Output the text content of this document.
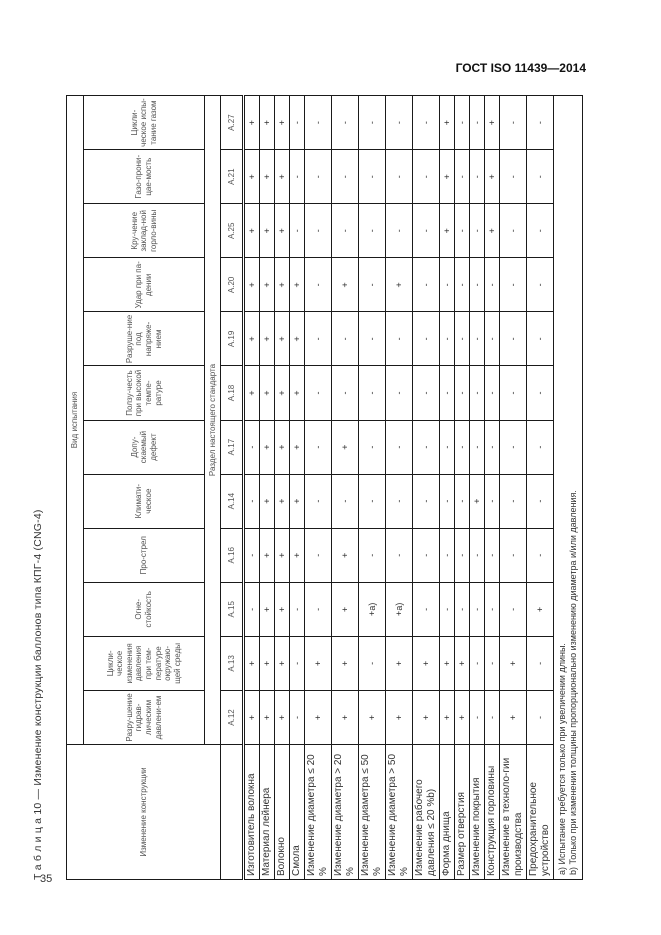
ГОСТ ISO 11439—2014
Т а б л и ц а 10 — Изменение конструкции баллонов типа КПГ-4 (CNG-4)	Изменение конструкции	Вид испытания											
	Разру-шение гидрав-лическим давлени-ем	Цикли-ческое изменения давления при тем-пературе окружаю-щей среды	Огне-стойкость	Про-стрел	Климати-ческое	Допу-скаемый дефект	Ползу-честь при высокой темпе-ратуре	Разруше-ние под напряже-нием	Удар при па-дении	Кру-чение заклад-ной горло-вины	Газо-прони-цае-мость	Цикли-ческое испы-тание газом
	Раздел настоящего стандарта											
	А.12	А.13	А.15	А.16	А.14	А.17	А.18	А.19	А.20	А.25	А.21	А.27
Изготовитель волокна	+	+	-	-	-	-	+	+	+	+	+	+
Материал лейнера	+	+	+	+	+	+	+	+	+	+	+	+
Волокно	+	+	+	+	+	+	+	+	+	+	+	+
Смола	-	-	-	+	+	+	+	+	+	-	-	-
Изменение диаметра ≤ 20 %	+	+	-	-	-	-	-	-	-	-	-	-
Изменение диаметра > 20 %	+	+	+	+	-	+	-	-	+	-	-	-
Изменение диаметра ≤ 50 %	+	-	+a)	-	-	-	-	-	-	-	-	-
Изменение диаметра > 50 %	+	+	+a)	-	-	-	-	-	+	-	-	-
Изменение рабочего давления ≤ 20 %b)	+	+	-	-	-	-	-	-	-	-	-	-
Форма днища	+	+	-	-	-	-	-	-	-	+	+	+
Размер отверстия	+	+	-	-	-	-	-	-	-	-	-	-
Изменение покрытия	-	-	-	-	+	-	-	-	-	-	-	-
Конструкция горловины	-	-	-	-	-	-	-	-	-	+	+	+
Изменение в техноло-гии производства	+	+	-	-	-	-	-	-	-	-	-	-
Предохранительное устройство	-	-	+	-	-	-	-	-	-	-	-	-

a) Испытание требуется только при увеличении длины. b) Только при изменении толщины пропорционально изменению диаметра и/или давления.												
35
